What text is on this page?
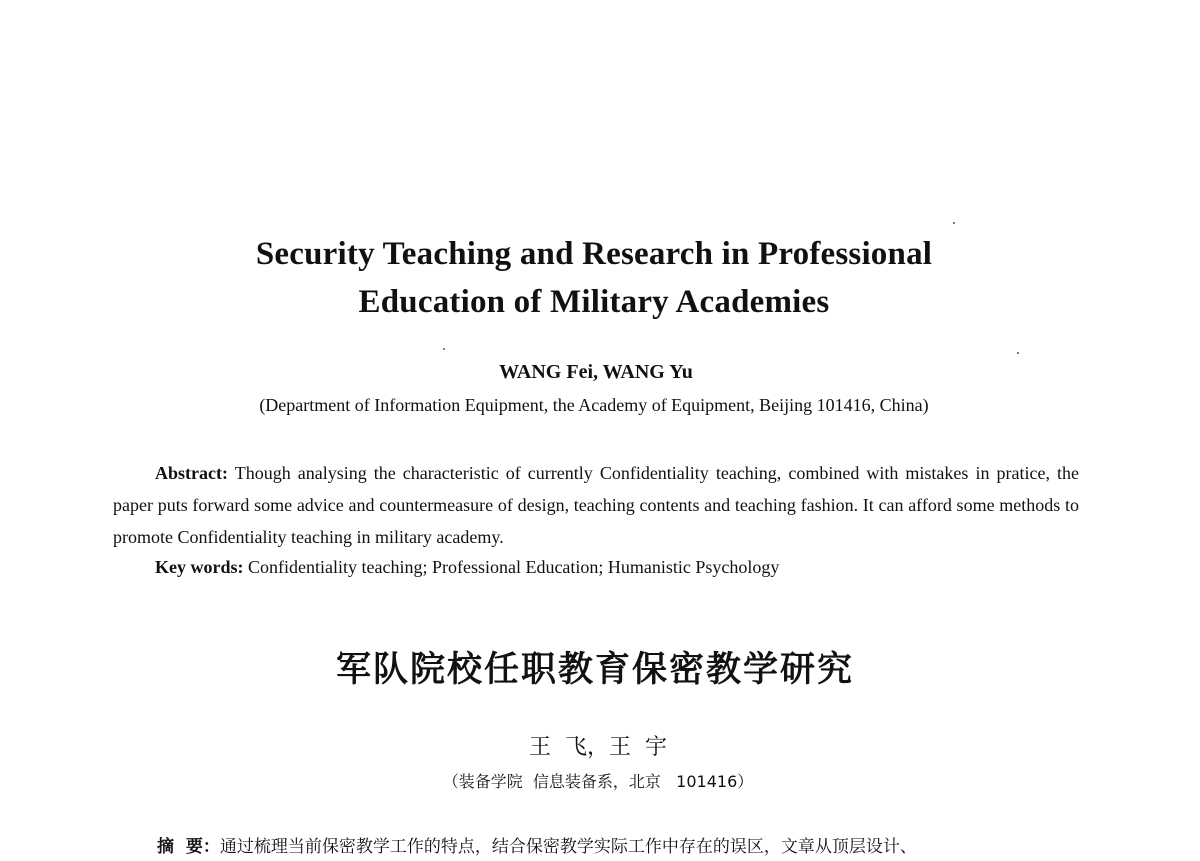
Security Teaching and Research in Professional
Education of Military Academies
WANG Fei, WANG Yu
(Department of Information Equipment, the Academy of Equipment, Beijing 101416, China)
Abstract: Though analysing the characteristic of currently Confidentiality teaching, combined with mistakes in pratice, the paper puts forward some advice and countermeasure of design, teaching contents and teaching fashion. It can afford some methods to promote Confidentiality teaching in military academy.
Key words: Confidentiality teaching; Professional Education; Humanistic Psychology
军队院校任职教育保密教学研究
王  飞，王  宇
（装备学院  信息装备系，北京   101416）
摘  要：通过梳理当前保密教学工作的特点，结合保密教学实际工作中存在的误区，文章从顶层设计、
